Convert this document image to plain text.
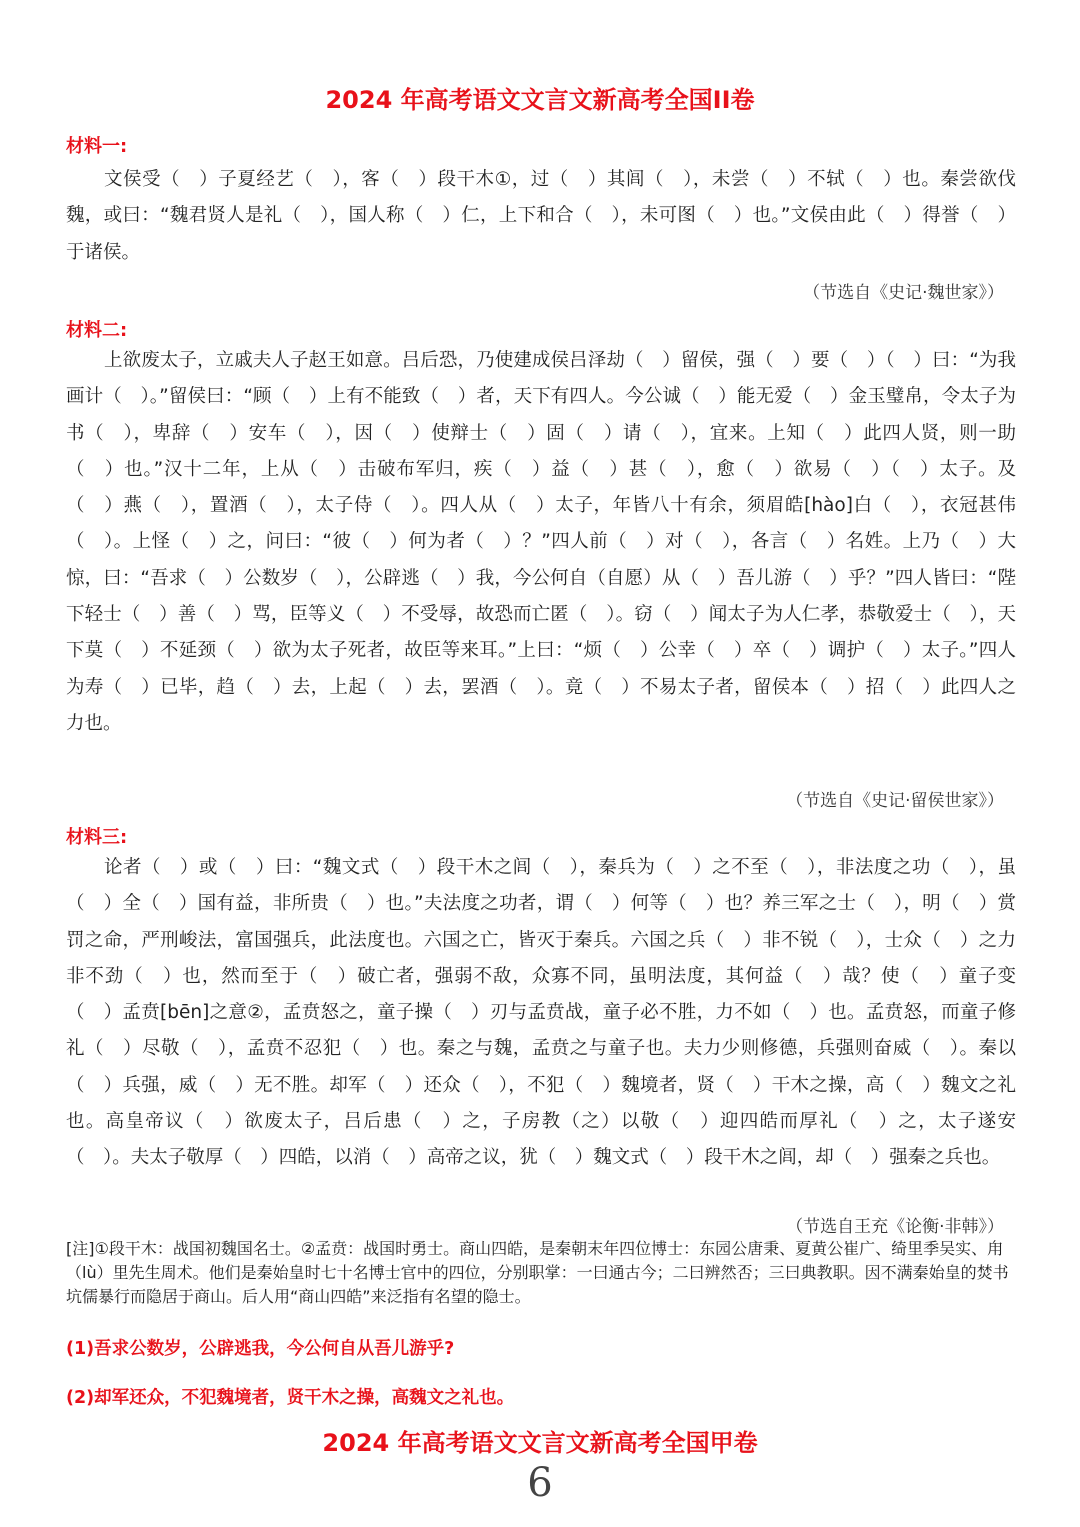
2024 年高考语文文言文新高考全国II卷
材料一:

文侯受（　）子夏经艺（　），客（　）段干木①，过（　）其闾（　），未尝（　）不轼（　）也。秦尝欲伐魏，或曰：“魏君贤人是礼（　），国人称（　）仁，上下和合（　），未可图（　）也。”文侯由此（　）得誉（　）于诸侯。

（节选自《史记·魏世家》）
材料二:

上欲废太子，立戚夫人子赵王如意。吕后恐，乃使建成侯吕泽劫（　）留侯，强（　）要（　）（　）曰：“为我画计（　）。”留侯曰：“顾（　）上有不能致（　）者，天下有四人。今公诚（　）能无爱（　）金玉璧帛，令太子为书（　），卑辞（　）安车（　），因（　）使辩士（　）固（　）请（　），宜来。上知（　）此四人贤，则一助（　）也。”汉十二年，上从（　）击破布军归，疾（　）益（　）甚（　），愈（　）欲易（　）（　）太子。及（　）燕（　），置酒（　），太子侍（　）。四人从（　）太子，年皆八十有余，须眉皓[hào]白（　），衣冠甚伟（　）。上怪（　）之，问曰：“彼（　）何为者（　）？”四人前（　）对（　），各言（　）名姓。上乃（　）大惊，曰：“吾求（　）公数岁（　），公辟逃（　）我，今公何自（自愿）从（　）吾儿游（　）乎？”四人皆曰：“陛下轻士（　）善（　）骂，臣等义（　）不受辱，故恐而亡匿（　）。窃（　）闻太子为人仁孝，恭敬爱士（　），天下莫（　）不延颈（　）欲为太子死者，故臣等来耳。”上曰：“烦（　）公幸（　）卒（　）调护（　）太子。”四人为寿（　）已毕，趋（　）去，上起（　）去，罢酒（　）。竟（　）不易太子者，留侯本（　）招（　）此四人之力也。

（节选自《史记·留侯世家》）
材料三:

论者（　）或（　）曰：“魏文式（　）段干木之闾（　），秦兵为（　）之不至（　），非法度之功（　），虽（　）全（　）国有益，非所贵（　）也。”夫法度之功者，谓（　）何等（　）也？养三军之士（　），明（　）赏罚之命，严刑峻法，富国强兵，此法度也。六国之亡，皆灭于秦兵。六国之兵（　）非不锐（　），士众（　）之力非不劲（　）也，然而至于（　）破亡者，强弱不敌，众寡不同，虽明法度，其何益（　）哉？使（　）童子变（　）孟贲[bēn]之意②，孟贲怒之，童子操（　）刃与孟贲战，童子必不胜，力不如（　）也。孟贲怒，而童子修礼（　）尽敬（　），孟贲不忍犯（　）也。秦之与魏，孟贲之与童子也。夫力少则修德，兵强则奋威（　）。秦以（　）兵强，威（　）无不胜。却军（　）还众（　），不犯（　）魏境者，贤（　）干木之操，高（　）魏文之礼也。高皇帝议（　）欲废太子，吕后患（　）之，子房教（之）以敬（　）迎四皓而厚礼（　）之，太子遂安（　）。夫太子敬厚（　）四皓，以消（　）高帝之议，犹（　）魏文式（　）段干木之闾，却（　）强秦之兵也。

（节选自王充《论衡·非韩》）

[注]①段干木：战国初魏国名士。②孟贲：战国时勇士。商山四皓，是秦朝末年四位博士：东园公唐秉、夏黄公崔广、绮里季吴实、甪（lù）里先生周术。他们是秦始皇时七十名博士官中的四位，分别职掌：一曰通古今；二曰辨然否；三曰典教职。因不满秦始皇的焚书坑儒暴行而隐居于商山。后人用“商山四皓”来泛指有名望的隐士。

(1)吾求公数岁，公辟逃我，今公何自从吾儿游乎?
(2)却军还众，不犯魏境者，贤干木之操，高魏文之礼也。
2024 年高考语文文言文新高考全国甲卷
6
